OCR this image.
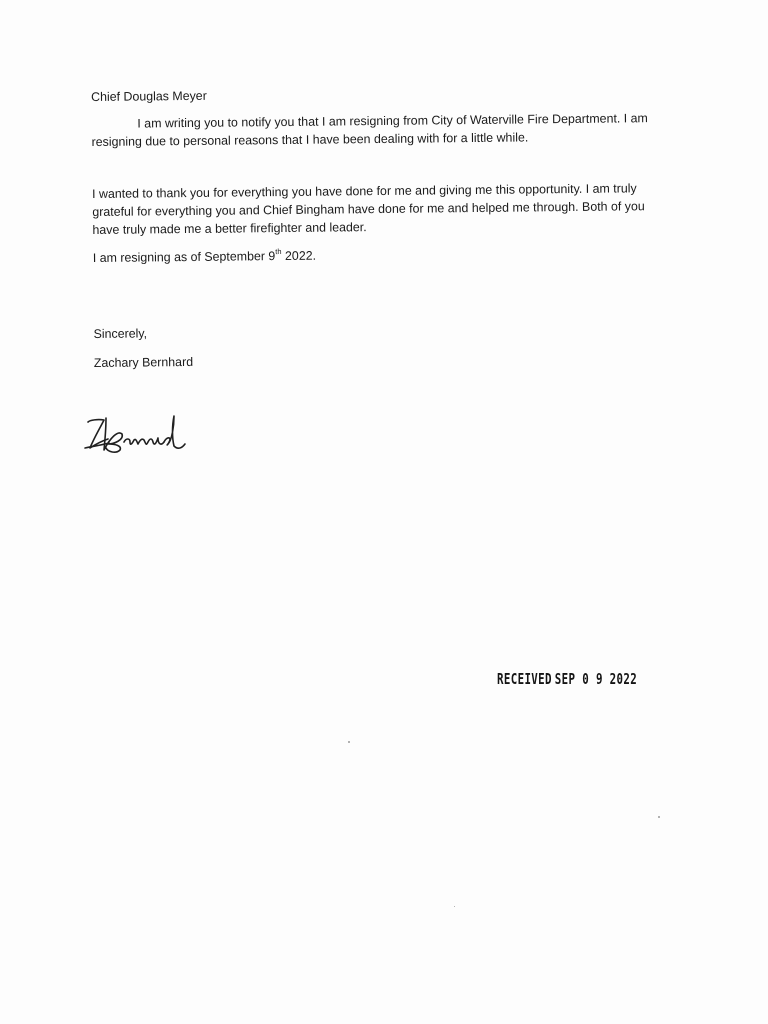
Chief Douglas Meyer

I am writing you to notify you that I am resigning from City of Waterville Fire Department. I am resigning due to personal reasons that I have been dealing with for a little while.

I wanted to thank you for everything you have done for me and giving me this opportunity. I am truly grateful for everything you and Chief Bingham have done for me and helped me through. Both of you have truly made me a better firefighter and leader.

I am resigning as of September 9th 2022.

Sincerely,

Zachary Bernhard

RECEIVED SEP 0 9 2022
